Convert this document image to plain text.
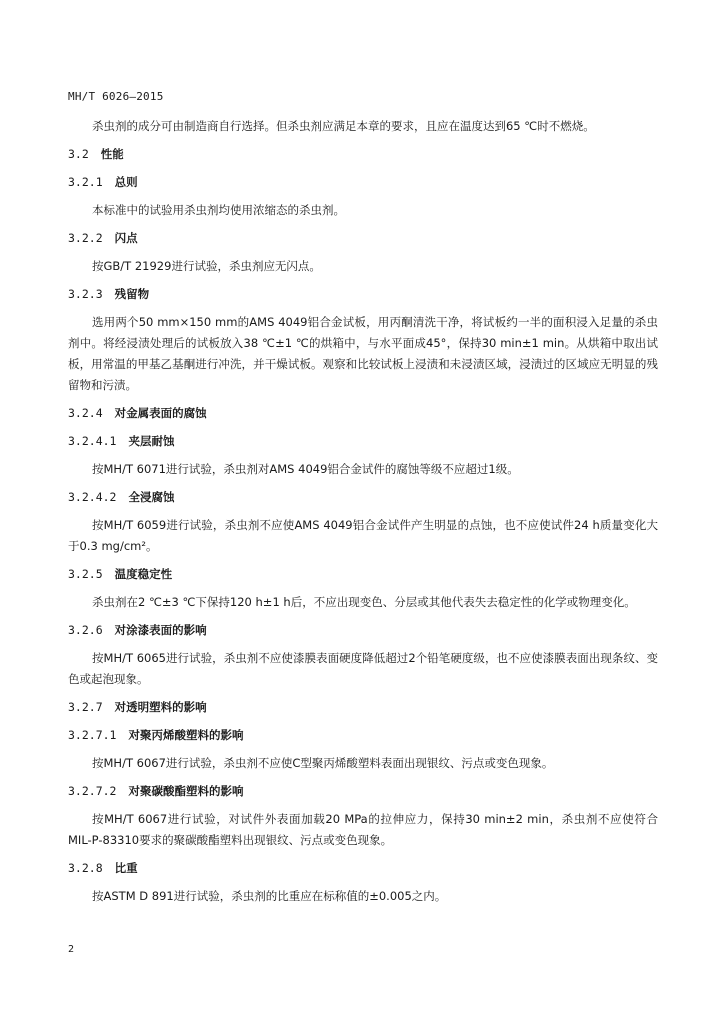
MH/T 6026—2015

杀虫剂的成分可由制造商自行选择。但杀虫剂应满足本章的要求，且应在温度达到65 ℃时不燃烧。

3.2 性能
3.2.1 总则

本标准中的试验用杀虫剂均使用浓缩态的杀虫剂。

3.2.2 闪点

按GB/T 21929进行试验，杀虫剂应无闪点。

3.2.3 残留物

选用两个50 mm×150 mm的AMS 4049铝合金试板，用丙酮清洗干净，将试板约一半的面积浸入足量的杀虫剂中。将经浸渍处理后的试板放入38 ℃±1 ℃的烘箱中，与水平面成45°，保持30 min±1 min。从烘箱中取出试板，用常温的甲基乙基酮进行冲洗，并干燥试板。观察和比较试板上浸渍和未浸渍区域，浸渍过的区域应无明显的残留物和污渍。

3.2.4 对金属表面的腐蚀
3.2.4.1 夹层耐蚀

按MH/T 6071进行试验，杀虫剂对AMS 4049铝合金试件的腐蚀等级不应超过1级。

3.2.4.2 全浸腐蚀

按MH/T 6059进行试验，杀虫剂不应使AMS 4049铝合金试件产生明显的点蚀，也不应使试件24 h质量变化大于0.3 mg/cm²。

3.2.5 温度稳定性

杀虫剂在2 ℃±3 ℃下保持120 h±1 h后，不应出现变色、分层或其他代表失去稳定性的化学或物理变化。

3.2.6 对涂漆表面的影响

按MH/T 6065进行试验，杀虫剂不应使漆膜表面硬度降低超过2个铅笔硬度级，也不应使漆膜表面出现条纹、变色或起泡现象。

3.2.7 对透明塑料的影响
3.2.7.1 对聚丙烯酸塑料的影响

按MH/T 6067进行试验，杀虫剂不应使C型聚丙烯酸塑料表面出现银纹、污点或变色现象。

3.2.7.2 对聚碳酸酯塑料的影响

按MH/T 6067进行试验，对试件外表面加载20 MPa的拉伸应力，保持30 min±2 min，杀虫剂不应使符合MIL-P-83310要求的聚碳酸酯塑料出现银纹、污点或变色现象。

3.2.8 比重

按ASTM D 891进行试验，杀虫剂的比重应在标称值的±0.005之内。

2
